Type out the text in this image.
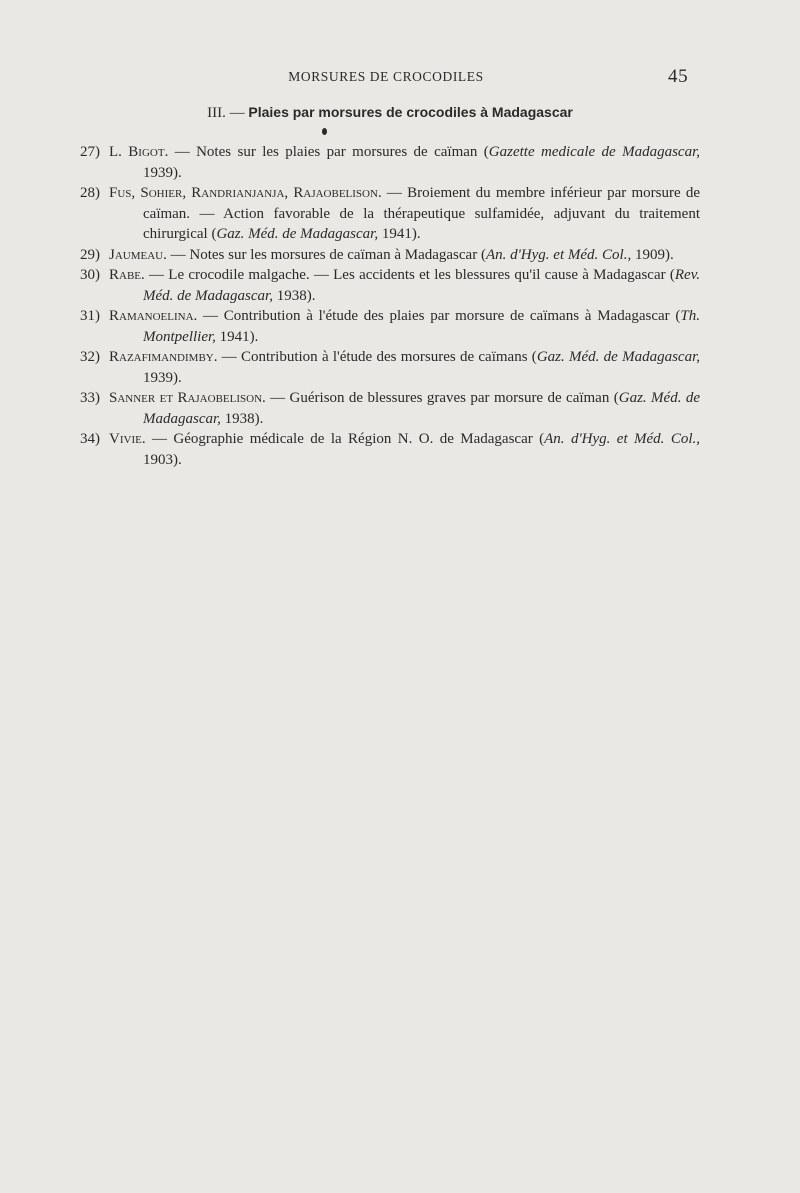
MORSURES DE CROCODILES	45
III. — Plaies par morsures de crocodiles à Madagascar
27) L. Bigot. — Notes sur les plaies par morsures de caïman (Gazette medicale de Madagascar, 1939).
28) Fus, Sohier, Randrianjanja, Rajaobelison. — Broiement du membre inférieur par morsure de caïman. — Action favorable de la thérapeutique sulfamidée, adjuvant du traitement chirurgical (Gaz. Méd. de Madagascar, 1941).
29) Jaumeau. — Notes sur les morsures de caïman à Madagascar (An. d'Hyg. et Méd. Col., 1909).
30) Rabe. — Le crocodile malgache. — Les accidents et les blessures qu'il cause à Madagascar (Rev. Méd. de Madagascar, 1938).
31) Ramanoelina. — Contribution à l'étude des plaies par morsure de caïmans à Madagascar (Th. Montpellier, 1941).
32) Razafimandimby. — Contribution à l'étude des morsures de caïmans (Gaz. Méd. de Madagascar, 1939).
33) Sanner et Rajaobelison. — Guérison de blessures graves par morsure de caïman (Gaz. Méd. de Madagascar, 1938).
34) Vivie. — Géographie médicale de la Région N. O. de Madagascar (An. d'Hyg. et Méd. Col., 1903).
